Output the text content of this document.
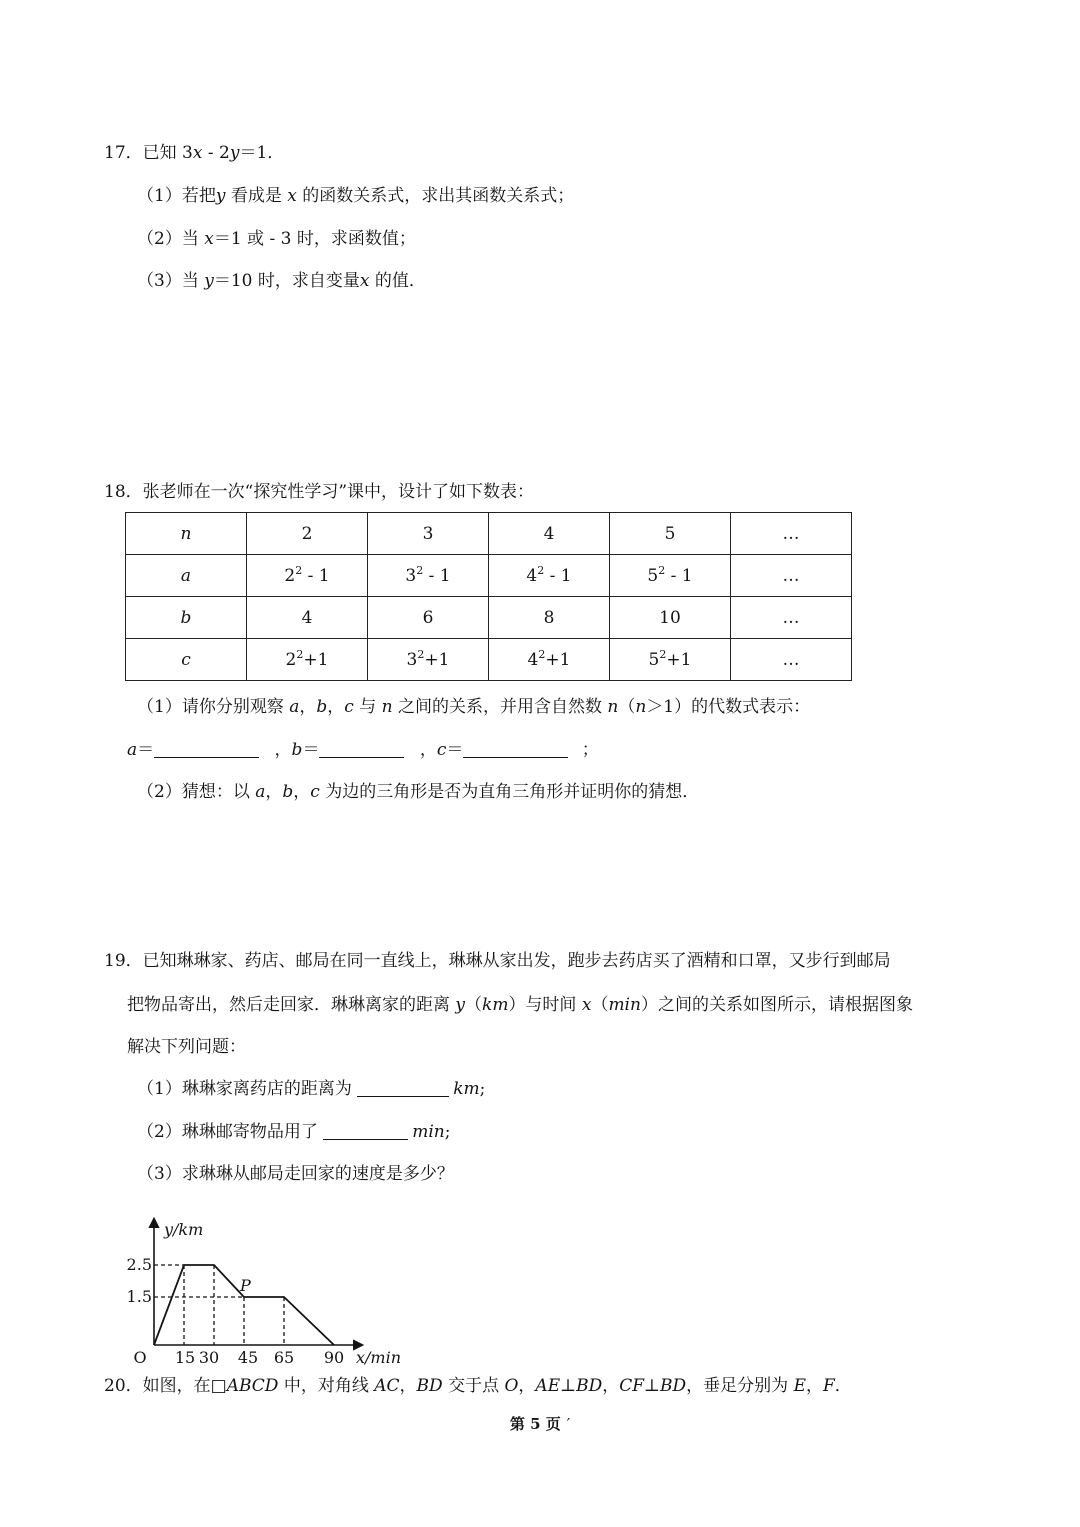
17．已知 3x - 2y＝1．
（1）若把y 看成是 x 的函数关系式，求出其函数关系式；
（2）当 x＝1 或 - 3 时，求函数值；
（3）当 y＝10 时，求自变量x 的值．
18．张老师在一次“探究性学习”课中，设计了如下数表：
n	2	3	4	5	…
a	$2^2 - 1$	$3^2 - 1$	$4^2 - 1$	$5^2 - 1$	…
b	4	6	8	10	…
c	$2^2+1$	$3^2+1$	$4^2+1$	$5^2+1$	…
（1）请你分别观察 a，b，c 与 n 之间的关系，并用含自然数 n（n＞1）的代数式表示：
a＝	，b＝	，c＝	；
（2）猜想：以 a，b，c 为边的三角形是否为直角三角形并证明你的猜想．
19．已知琳琳家、药店、邮局在同一直线上，琳琳从家出发，跑步去药店买了酒精和口罩，又步行到邮局
把物品寄出，然后走回家．琳琳离家的距离 y（km）与时间 x（min）之间的关系如图所示，请根据图象
解决下列问题：
（1）琳琳家离药店的距离为	km;
（2）琳琳邮寄物品用了	min;
（3）求琳琳从邮局走回家的速度是多少？
15 30 45 65 90
2.5
1.5
O
P
x/min
y/km
20．如图，在□ABCD 中，对角线 AC，BD 交于点 O，AE⊥BD，CF⊥BD，垂足分别为 E，F．
第 5 页 ′
